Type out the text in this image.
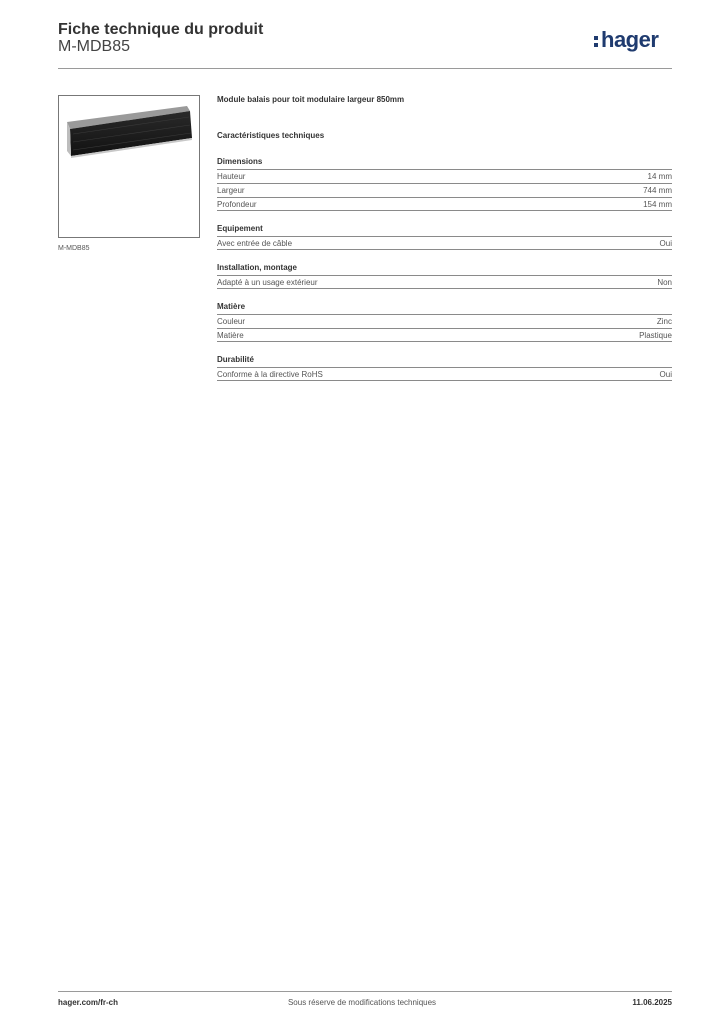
Fiche technique du produit
M-MDB85	hager
M-MDB85
Module balais pour toit modulaire largeur 850mm
Caractéristiques techniques
Dimensions
Hauteur	14 mm
Largeur	744 mm
Profondeur	154 mm
Equipement
Avec entrée de câble	Oui
Installation, montage
Adapté à un usage extérieur	Non
Matière
Couleur	Zinc
Matière	Plastique
Durabilité
Conforme à la directive RoHS	Oui
hager.com/fr-ch	Sous réserve de modifications techniques	11.06.2025
